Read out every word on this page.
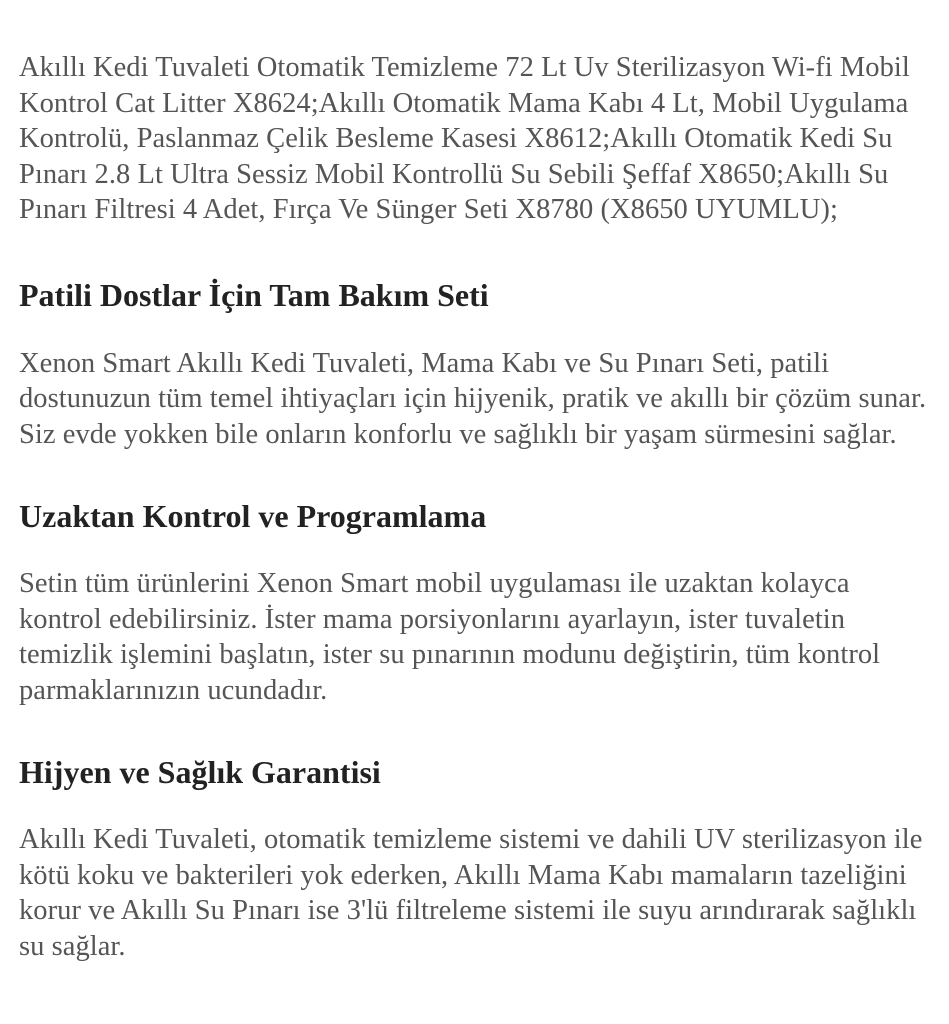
Akıllı Kedi Tuvaleti Otomatik Temizleme 72 Lt Uv Sterilizasyon Wi-fi Mobil Kontrol Cat Litter X8624;Akıllı Otomatik Mama Kabı 4 Lt, Mobil Uygulama Kontrolü, Paslanmaz Çelik Besleme Kasesi X8612;Akıllı Otomatik Kedi Su Pınarı 2.8 Lt Ultra Sessiz Mobil Kontrollü Su Sebili Şeffaf X8650;Akıllı Su Pınarı Filtresi 4 Adet, Fırça Ve Sünger Seti X8780 (X8650 UYUMLU);

Patili Dostlar İçin Tam Bakım Seti

Xenon Smart Akıllı Kedi Tuvaleti, Mama Kabı ve Su Pınarı Seti, patili dostunuzun tüm temel ihtiyaçları için hijyenik, pratik ve akıllı bir çözüm sunar. Siz evde yokken bile onların konforlu ve sağlıklı bir yaşam sürmesini sağlar.

Uzaktan Kontrol ve Programlama

Setin tüm ürünlerini Xenon Smart mobil uygulaması ile uzaktan kolayca kontrol edebilirsiniz. İster mama porsiyonlarını ayarlayın, ister tuvaletin temizlik işlemini başlatın, ister su pınarının modunu değiştirin, tüm kontrol parmaklarınızın ucundadır.

Hijyen ve Sağlık Garantisi

Akıllı Kedi Tuvaleti, otomatik temizleme sistemi ve dahili UV sterilizasyon ile kötü koku ve bakterileri yok ederken, Akıllı Mama Kabı mamaların tazeliğini korur ve Akıllı Su Pınarı ise 3'lü filtreleme sistemi ile suyu arındırarak sağlıklı su sağlar.
